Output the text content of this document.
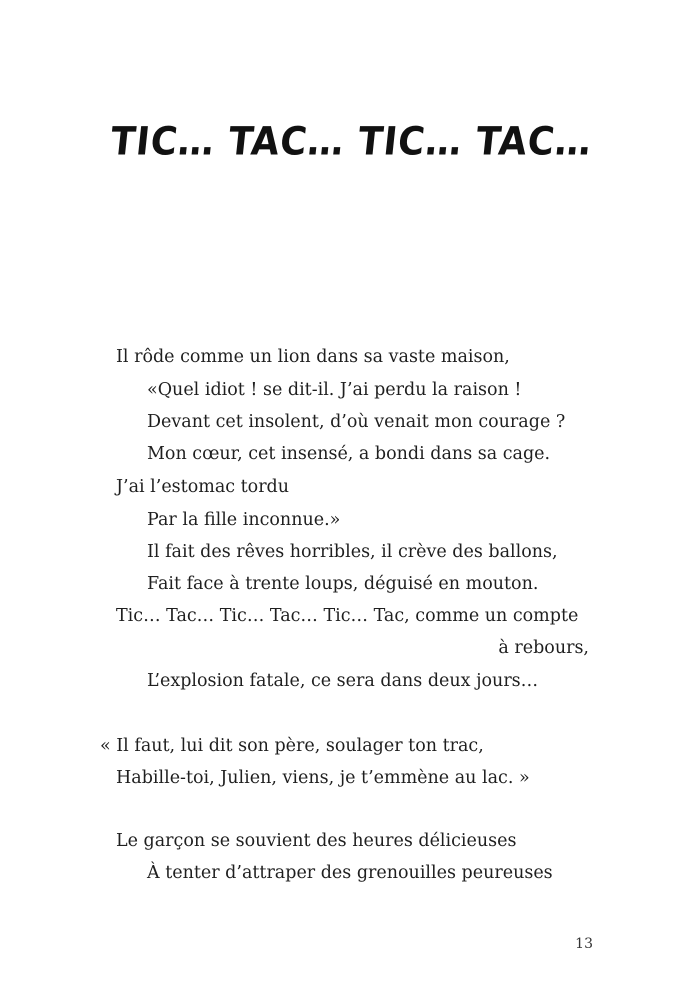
TIC… TAC… TIC… TAC…

Il rôde comme un lion dans sa vaste maison,

«Quel idiot ! se dit-il. J’ai perdu la raison !

Devant cet insolent, d’où venait mon courage ?

Mon cœur, cet insensé, a bondi dans sa cage.

J’ai l’estomac tordu

Par la fille inconnue.»

Il fait des rêves horribles, il crève des ballons,

Fait face à trente loups, déguisé en mouton.

Tic… Tac… Tic… Tac… Tic… Tac, comme un compte

à rebours,

L’explosion fatale, ce sera dans deux jours…

« Il faut, lui dit son père, soulager ton trac,

Habille-toi, Julien, viens, je t’emmène au lac. »

Le garçon se souvient des heures délicieuses

À tenter d’attraper des grenouilles peureuses

13
